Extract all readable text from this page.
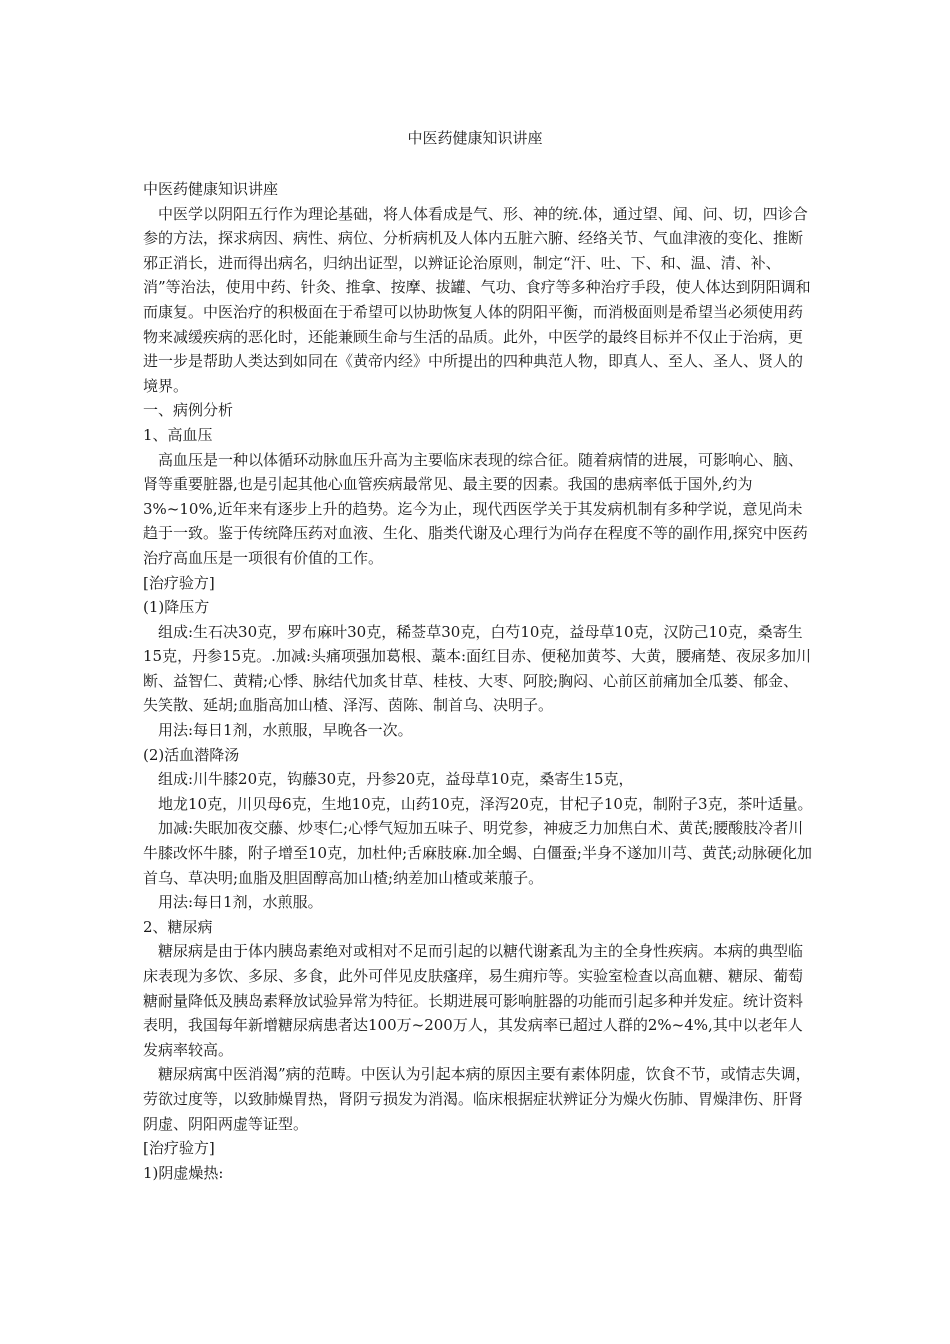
中医药健康知识讲座

中医药健康知识讲座

中医学以阴阳五行作为理论基础，将人体看成是气、形、神的统.体，通过望、闻、问、切，四诊合参的方法，探求病因、病性、病位、分析病机及人体内五脏六腑、经络关节、气血津液的变化、推断邪正消长，进而得出病名，归纳出证型，以辨证论治原则，制定“汗、吐、下、和、温、清、补、消”等治法，使用中药、针灸、推拿、按摩、拔罐、气功、食疗等多种治疗手段，使人体达到阴阳调和而康复。中医治疗的积极面在于希望可以协助恢复人体的阴阳平衡，而消极面则是希望当必须使用药物来减缓疾病的恶化时，还能兼顾生命与生活的品质。此外，中医学的最终目标并不仅止于治病，更进一步是帮助人类达到如同在《黄帝内经》中所提出的四种典范人物，即真人、至人、圣人、贤人的境界。

一、病例分析

1、高血压

高血压是一种以体循环动脉血压升高为主要临床表现的综合征。随着病情的进展，可影响心、脑、肾等重要脏器,也是引起其他心血管疾病最常见、最主要的因素。我国的患病率低于国外,约为3%~10%,近年来有逐步上升的趋势。迄今为止，现代西医学关于其发病机制有多种学说，意见尚未趋于一致。鉴于传统降压药对血液、生化、脂类代谢及心理行为尚存在程度不等的副作用,探究中医药治疗高血压是一项很有价值的工作。

[治疗验方]

(1)降压方

组成:生石决30克，罗布麻叶30克，稀莶草30克，白芍10克，益母草10克，汉防己10克，桑寄生15克，丹参15克。.加减:头痛项强加葛根、藁本:面红目赤、便秘加黄芩、大黄，腰痛楚、夜尿多加川断、益智仁、黄精;心悸、脉结代加炙甘草、桂枝、大枣、阿胶;胸闷、心前区前痛加全瓜蒌、郁金、失笑散、延胡;血脂高加山楂、泽泻、茵陈、制首乌、决明子。

用法:每日1剂，水煎服，早晚各一次。

(2)活血潜降汤

组成:川牛膝20克，钩藤30克，丹参20克，益母草10克，桑寄生15克，

地龙10克，川贝母6克，生地10克，山药10克，泽泻20克，甘杞子10克，制附子3克，茶叶适量。

加减:失眠加夜交藤、炒枣仁;心悸气短加五味子、明党参，神疲乏力加焦白术、黄芪;腰酸肢冷者川牛膝改怀牛膝，附子增至10克，加杜仲;舌麻肢麻.加全蝎、白僵蚕;半身不遂加川芎、黄芪;动脉硬化加首乌、草决明;血脂及胆固醇高加山楂;纳差加山楂或莱菔子。

用法:每日1剂，水煎服。

2、糖尿病

糖尿病是由于体内胰岛素绝对或相对不足而引起的以糖代谢紊乱为主的全身性疾病。本病的典型临床表现为多饮、多尿、多食，此外可伴见皮肤瘙痒，易生痈疖等。实验室检查以高血糖、糖尿、葡萄糖耐量降低及胰岛素释放试验异常为特征。长期进展可影响脏器的功能而引起多种并发症。统计资料表明，我国每年新增糖尿病患者达100万~200万人，其发病率已超过人群的2%~4%,其中以老年人发病率较高。

糖尿病寓中医消渴”病的范畴。中医认为引起本病的原因主要有素体阴虚，饮食不节，或情志失调，劳欲过度等，以致肺燥胃热，肾阴亏损发为消渴。临床根据症状辨证分为燥火伤肺、胃燥津伤、肝肾阴虚、阴阳两虚等证型。

[治疗验方]

1)阴虚燥热:
